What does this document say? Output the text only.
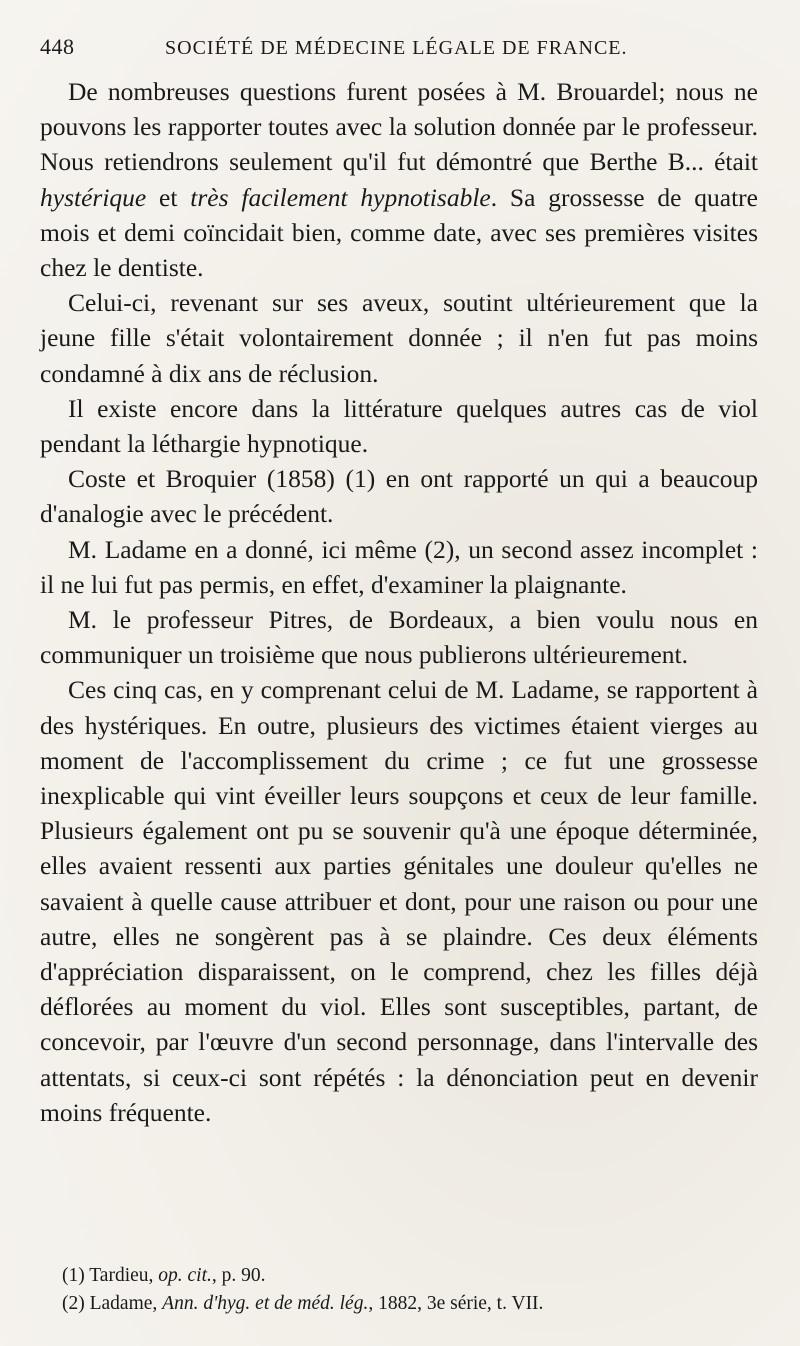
448	SOCIÉTÉ DE MÉDECINE LÉGALE DE FRANCE.

De nombreuses questions furent posées à M. Brouardel; nous ne pouvons les rapporter toutes avec la solution donnée par le professeur. Nous retiendrons seulement qu'il fut démontré que Berthe B... était hystérique et très facilement hypnotisable. Sa grossesse de quatre mois et demi coïncidait bien, comme date, avec ses premières visites chez le dentiste.

Celui-ci, revenant sur ses aveux, soutint ultérieurement que la jeune fille s'était volontairement donnée ; il n'en fut pas moins condamné à dix ans de réclusion.

Il existe encore dans la littérature quelques autres cas de viol pendant la léthargie hypnotique.

Coste et Broquier (1858) (1) en ont rapporté un qui a beaucoup d'analogie avec le précédent.

M. Ladame en a donné, ici même (2), un second assez incomplet : il ne lui fut pas permis, en effet, d'examiner la plaignante.

M. le professeur Pitres, de Bordeaux, a bien voulu nous en communiquer un troisième que nous publierons ultérieurement.

Ces cinq cas, en y comprenant celui de M. Ladame, se rapportent à des hystériques. En outre, plusieurs des victimes étaient vierges au moment de l'accomplissement du crime ; ce fut une grossesse inexplicable qui vint éveiller leurs soupçons et ceux de leur famille. Plusieurs également ont pu se souvenir qu'à une époque déterminée, elles avaient ressenti aux parties génitales une douleur qu'elles ne savaient à quelle cause attribuer et dont, pour une raison ou pour une autre, elles ne songèrent pas à se plaindre. Ces deux éléments d'appréciation disparaissent, on le comprend, chez les filles déjà déflorées au moment du viol. Elles sont susceptibles, partant, de concevoir, par l'œuvre d'un second personnage, dans l'intervalle des attentats, si ceux-ci sont répétés : la dénonciation peut en devenir moins fréquente.

(1) Tardieu, op. cit., p. 90.

(2) Ladame, Ann. d'hyg. et de méd. lég., 1882, 3e série, t. VII.
